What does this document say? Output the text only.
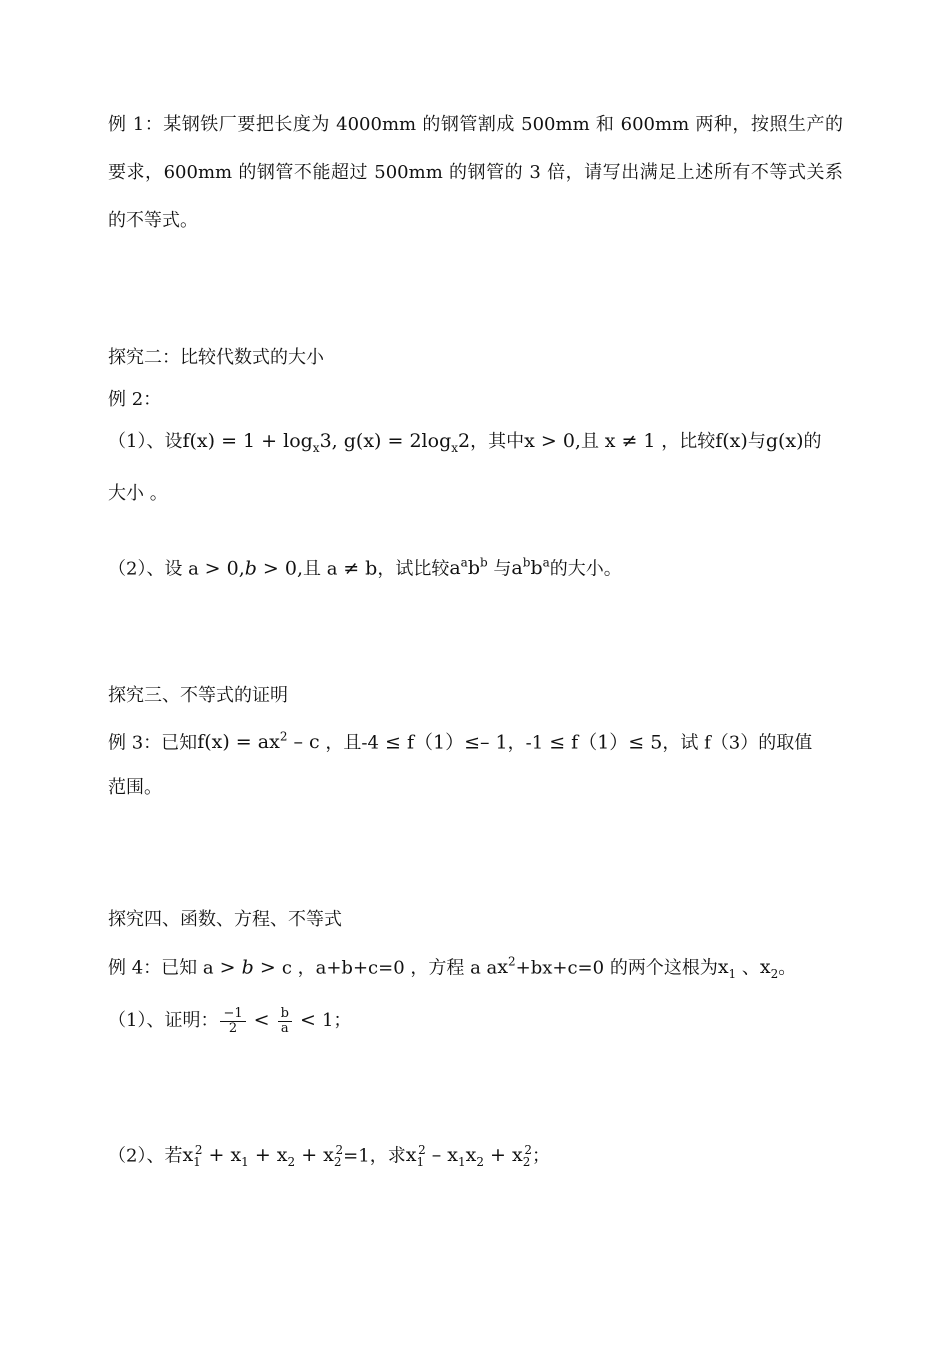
例 1：某钢铁厂要把长度为 4000mm 的钢管割成 500mm 和 600mm 两种，按照生产的要求，600mm 的钢管不能超过 500mm 的钢管的 3 倍，请写出满足上述所有不等式关系的不等式。
探究二：比较代数式的大小
例 2：
（1）、设$f(x) = 1 + \log_x3$, $g(x) = 2\log_x2$，其中x > 0,且 x ≠ 1 ，比较f(x)与g(x)的
大小 。
（2）、设 a > 0,𝑏 > 0,且 a ≠ b，试比较$a^ab^b$ 与$a^bb^a$的大小。
探究三、不等式的证明
例 3：已知$f(x) = ax^2 - c$ ，且-4 ≤ f（1）≤– 1，-1 ≤ f（1）≤ 5，试 f（3）的取值
范围。
探究四、函数、方程、不等式
例 4：已知 a > 𝑏 > c ，a+b+c=0 ，方程 a $ax^2+bx+c=0$ 的两个这根为$x_1$ 、$x_2$。
（1）、证明： $\frac{-1}{2} < \frac{b}{a} < 1$；
（2）、若$x_1^2 + x_1 + x_2 + x_2^2=1$，求$x_1^2 - x_1x_2 + x_2^2$；
